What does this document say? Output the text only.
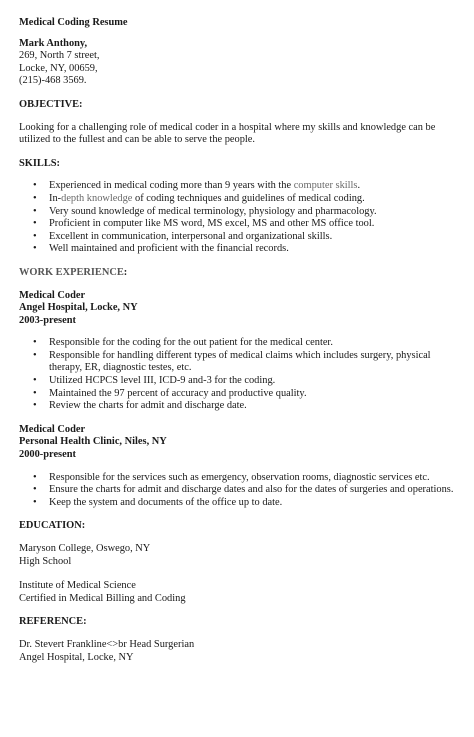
Medical Coding Resume
Mark Anthony,
269, North 7 street,
Locke, NY, 00659,
(215)-468 3569.
OBJECTIVE:

Looking for a challenging role of medical coder in a hospital where my skills and knowledge can be utilized to the fullest and can be able to serve the people.

SKILLS:
• Experienced in medical coding more than 9 years with the computer skills.
• In-depth knowledge of coding techniques and guidelines of medical coding.
• Very sound knowledge of medical terminology, physiology and pharmacology.
• Proficient in computer like MS word, MS excel, MS and other MS office tool.
• Excellent in communication, interpersonal and organizational skills.
• Well maintained and proficient with the financial records.
WORK EXPERIENCE:
Medical Coder
Angel Hospital, Locke, NY
2003-present
• Responsible for the coding for the out patient for the medical center.
• Responsible for handling different types of medical claims which includes surgery, physical therapy, ER, diagnostic testes, etc.
• Utilized HCPCS level III, ICD-9 and-3 for the coding.
• Maintained the 97 percent of accuracy and productive quality.
• Review the charts for admit and discharge date.
Medical Coder
Personal Health Clinic, Niles, NY
2000-present
• Responsible for the services such as emergency, observation rooms, diagnostic services etc.
• Ensure the charts for admit and discharge dates and also for the dates of surgeries and operations.
• Keep the system and documents of the office up to date.
EDUCATION:
Maryson College, Oswego, NY
High School
Institute of Medical Science
Certified in Medical Billing and Coding
REFERENCE:
Dr. Stevert Frankline<>br Head Surgerian
Angel Hospital, Locke, NY
